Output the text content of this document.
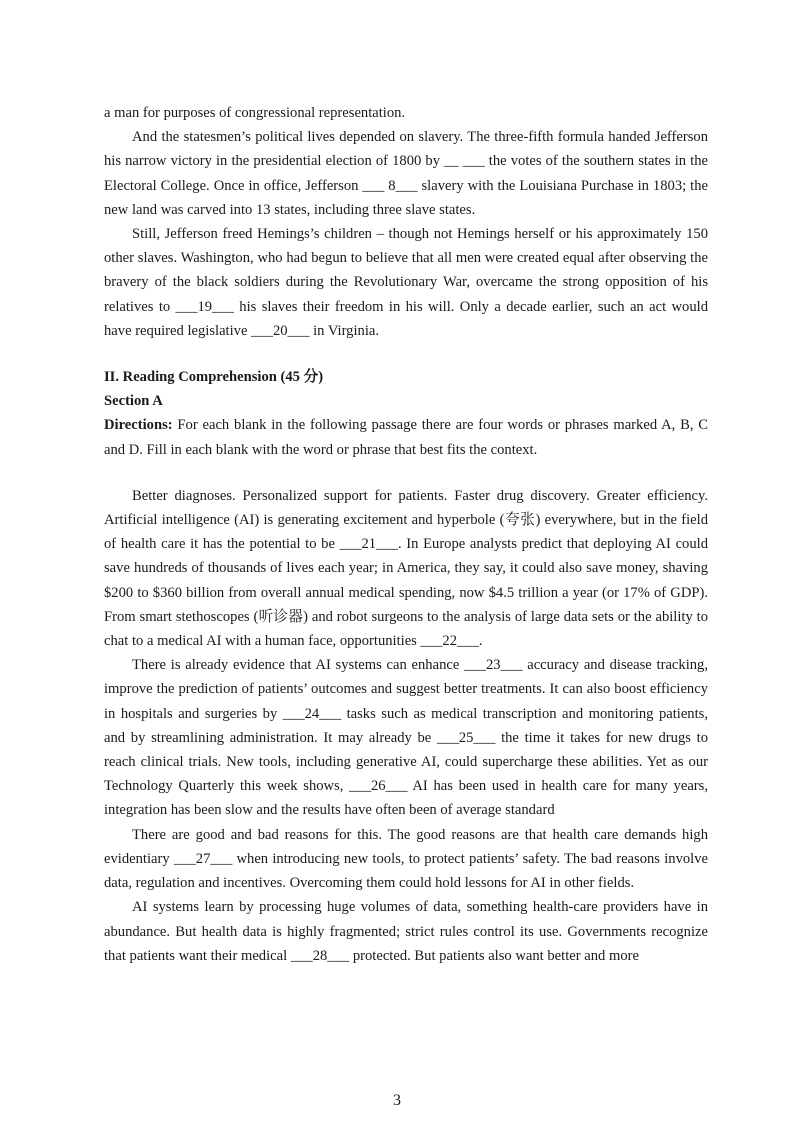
a man for purposes of congressional representation.

And the statesmen’s political lives depended on slavery. The three-fifth formula handed Jefferson his narrow victory in the presidential election of 1800 by __ ___ the votes of the southern states in the Electoral College. Once in office, Jefferson ___ 8___ slavery with the Louisiana Purchase in 1803; the new land was carved into 13 states, including three slave states.

Still, Jefferson freed Hemings’s children – though not Hemings herself or his approximately 150 other slaves. Washington, who had begun to believe that all men were created equal after observing the bravery of the black soldiers during the Revolutionary War, overcame the strong opposition of his relatives to ___19___ his slaves their freedom in his will. Only a decade earlier, such an act would have required legislative ___20___ in Virginia.

II. Reading Comprehension (45 分)

Section A

Directions: For each blank in the following passage there are four words or phrases marked A, B, C and D. Fill in each blank with the word or phrase that best fits the context.

Better diagnoses. Personalized support for patients. Faster drug discovery. Greater efficiency. Artificial intelligence (AI) is generating excitement and hyperbole (夸张) everywhere, but in the field of health care it has the potential to be ___21___. In Europe analysts predict that deploying AI could save hundreds of thousands of lives each year; in America, they say, it could also save money, shaving $200 to $360 billion from overall annual medical spending, now $4.5 trillion a year (or 17% of GDP). From smart stethoscopes (听诊器) and robot surgeons to the analysis of large data sets or the ability to chat to a medical AI with a human face, opportunities ___22___.

There is already evidence that AI systems can enhance ___23___ accuracy and disease tracking, improve the prediction of patients’ outcomes and suggest better treatments. It can also boost efficiency in hospitals and surgeries by ___24___ tasks such as medical transcription and monitoring patients, and by streamlining administration. It may already be ___25___ the time it takes for new drugs to reach clinical trials. New tools, including generative AI, could supercharge these abilities. Yet as our Technology Quarterly this week shows, ___26___ AI has been used in health care for many years, integration has been slow and the results have often been of average standard

There are good and bad reasons for this. The good reasons are that health care demands high evidentiary ___27___ when introducing new tools, to protect patients’ safety. The bad reasons involve data, regulation and incentives. Overcoming them could hold lessons for AI in other fields.

AI systems learn by processing huge volumes of data, something health-care providers have in abundance. But health data is highly fragmented; strict rules control its use. Governments recognize that patients want their medical ___28___ protected. But patients also want better and more

3
